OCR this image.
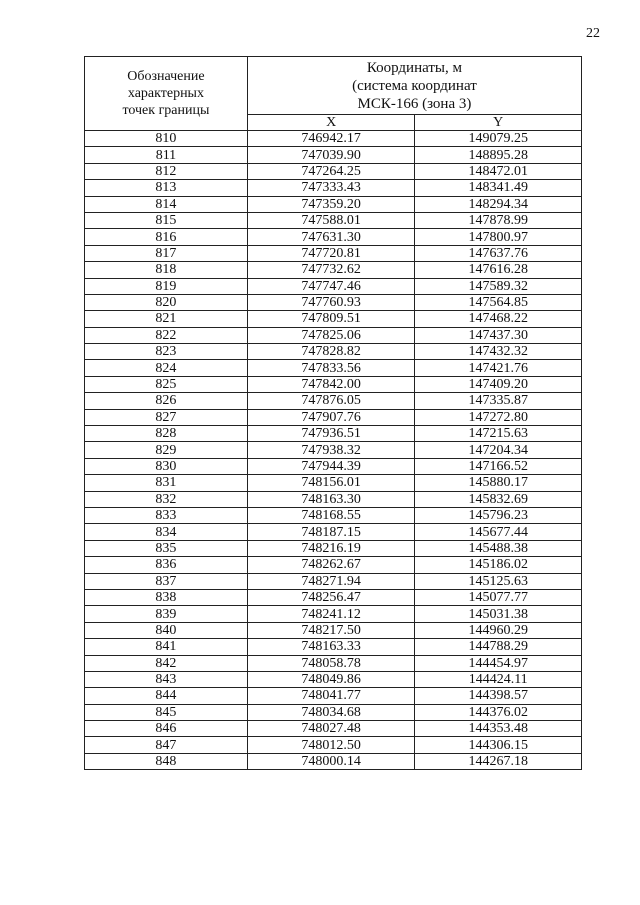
22
Обозначение
характерных
точек границы	Координаты, м
(система координат
МСК-166 (зона 3)	
	X	Y
810	746942.17	149079.25
811	747039.90	148895.28
812	747264.25	148472.01
813	747333.43	148341.49
814	747359.20	148294.34
815	747588.01	147878.99
816	747631.30	147800.97
817	747720.81	147637.76
818	747732.62	147616.28
819	747747.46	147589.32
820	747760.93	147564.85
821	747809.51	147468.22
822	747825.06	147437.30
823	747828.82	147432.32
824	747833.56	147421.76
825	747842.00	147409.20
826	747876.05	147335.87
827	747907.76	147272.80
828	747936.51	147215.63
829	747938.32	147204.34
830	747944.39	147166.52
831	748156.01	145880.17
832	748163.30	145832.69
833	748168.55	145796.23
834	748187.15	145677.44
835	748216.19	145488.38
836	748262.67	145186.02
837	748271.94	145125.63
838	748256.47	145077.77
839	748241.12	145031.38
840	748217.50	144960.29
841	748163.33	144788.29
842	748058.78	144454.97
843	748049.86	144424.11
844	748041.77	144398.57
845	748034.68	144376.02
846	748027.48	144353.48
847	748012.50	144306.15
848	748000.14	144267.18
